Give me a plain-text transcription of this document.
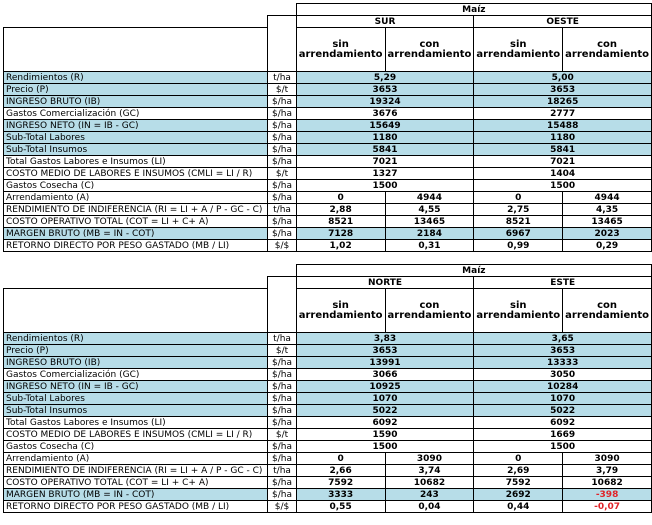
		Maíz			
		SUR		OESTE	
		sin arrendamiento	con arrendamiento	sin arrendamiento	con arrendamiento
Rendimientos (R)	t/ha	5,29		5,00	
Precio (P)	$/t	3653		3653	
INGRESO BRUTO (IB)	$/ha	19324		18265	
Gastos Comercialización (GC)	$/ha	3676		2777	
INGRESO NETO (IN = IB - GC)	$/ha	15649		15488	
Sub-Total Labores	$/ha	1180		1180	
Sub-Total Insumos	$/ha	5841		5841	
Total Gastos Labores e Insumos (LI)	$/ha	7021		7021	
COSTO MEDIO DE LABORES E INSUMOS (CMLI = LI / R)	$/t	1327		1404	
Gastos Cosecha (C)	$/ha	1500		1500	
Arrendamiento (A)	$/ha	0	4944	0	4944
RENDIMIENTO DE INDIFERENCIA (RI = LI + A / P - GC - C)	t/ha	2,88	4,55	2,75	4,35
COSTO OPERATIVO TOTAL (COT = LI + C+ A)	$/ha	8521	13465	8521	13465
MARGEN BRUTO (MB = IN - COT)	$/ha	7128	2184	6967	2023
RETORNO DIRECTO POR PESO GASTADO (MB / LI)	$/$	1,02	0,31	0,99	0,29
		Maíz			
		NORTE		ESTE	
		sin arrendamiento	con arrendamiento	sin arrendamiento	con arrendamiento
Rendimientos (R)	t/ha	3,83		3,65	
Precio (P)	$/t	3653		3653	
INGRESO BRUTO (IB)	$/ha	13991		13333	
Gastos Comercialización (GC)	$/ha	3066		3050	
INGRESO NETO (IN = IB - GC)	$/ha	10925		10284	
Sub-Total Labores	$/ha	1070		1070	
Sub-Total Insumos	$/ha	5022		5022	
Total Gastos Labores e Insumos (LI)	$/ha	6092		6092	
COSTO MEDIO DE LABORES E INSUMOS (CMLI = LI / R)	$/t	1590		1669	
Gastos Cosecha (C)	$/ha	1500		1500	
Arrendamiento (A)	$/ha	0	3090	0	3090
RENDIMIENTO DE INDIFERENCIA (RI = LI + A / P - GC - C)	t/ha	2,66	3,74	2,69	3,79
COSTO OPERATIVO TOTAL (COT = LI + C+ A)	$/ha	7592	10682	7592	10682
MARGEN BRUTO (MB = IN - COT)	$/ha	3333	243	2692	-398
RETORNO DIRECTO POR PESO GASTADO (MB / LI)	$/$	0,55	0,04	0,44	-0,07
